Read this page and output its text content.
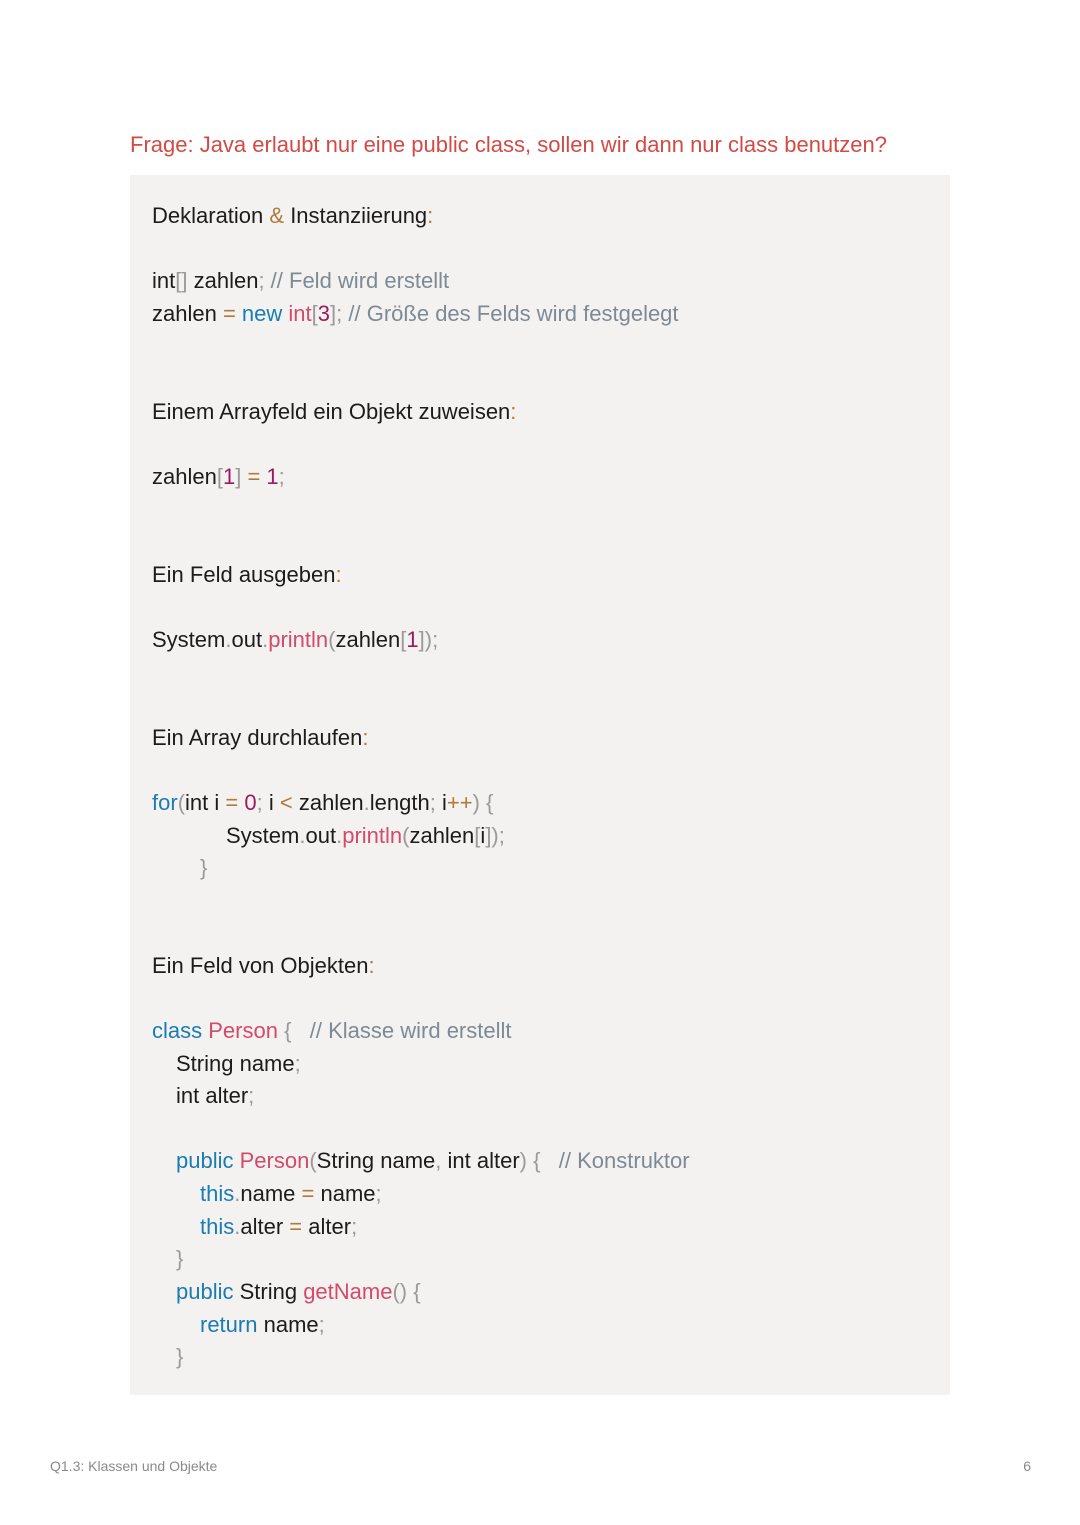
Frage: Java erlaubt nur eine public class, sollen wir dann nur class benutzen?
Deklaration & Instanziierung:
int[] zahlen; // Feld wird erstellt
zahlen = new int[3]; // Größe des Felds wird festgelegt
Einem Arrayfeld ein Objekt zuweisen:
zahlen[1] = 1;
Ein Feld ausgeben:
System.out.println(zahlen[1]);
Ein Array durchlaufen:
for(int i = 0; i < zahlen.length; i++) {
System.out.println(zahlen[i]);
}
Ein Feld von Objekten:
class Person {   // Klasse wird erstellt
String name;
int alter;
public Person(String name, int alter) {   // Konstruktor
this.name = name;
this.alter = alter;
}
public String getName() {
return name;
}
Q1.3: Klassen und Objekte	6
